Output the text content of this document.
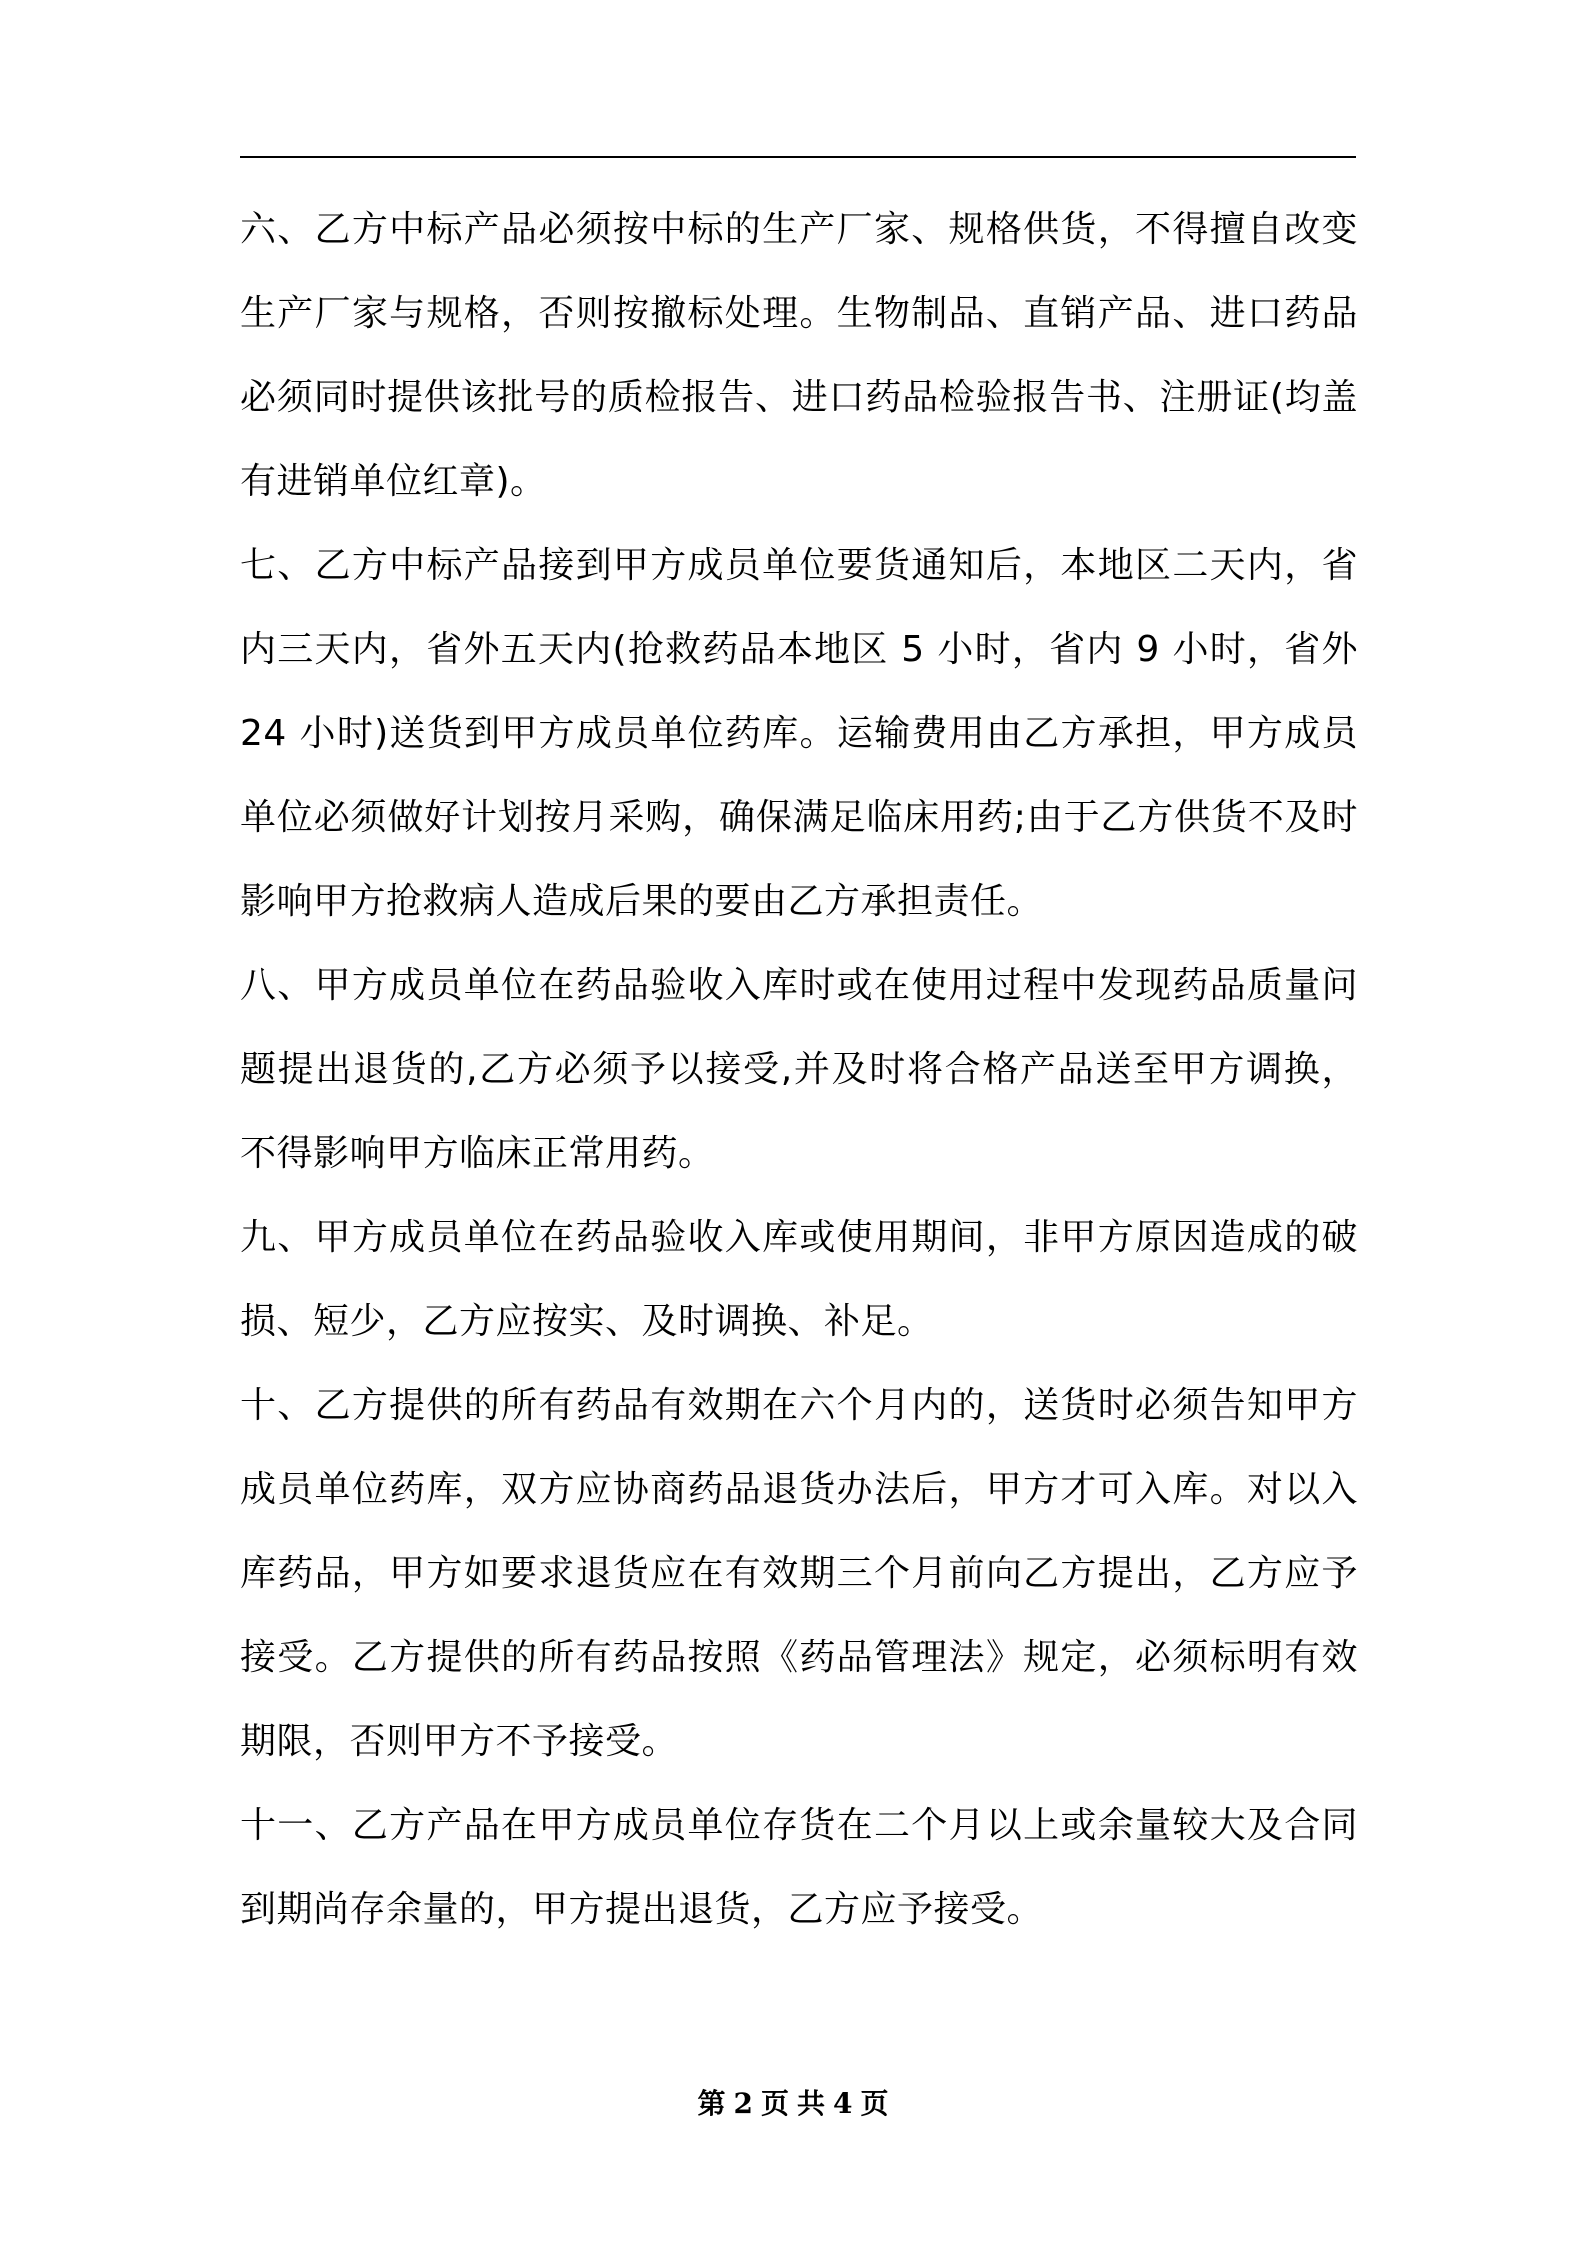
六、乙方中标产品必须按中标的生产厂家、规格供货，不得擅自改变生产厂家与规格，否则按撤标处理。生物制品、直销产品、进口药品必须同时提供该批号的质检报告、进口药品检验报告书、注册证(均盖有进销单位红章)。

七、乙方中标产品接到甲方成员单位要货通知后，本地区二天内，省内三天内，省外五天内(抢救药品本地区 5 小时，省内 9 小时，省外 24 小时)送货到甲方成员单位药库。运输费用由乙方承担，甲方成员单位必须做好计划按月采购，确保满足临床用药;由于乙方供货不及时影响甲方抢救病人造成后果的要由乙方承担责任。

八、甲方成员单位在药品验收入库时或在使用过程中发现药品质量问题提出退货的,乙方必须予以接受,并及时将合格产品送至甲方调换，不得影响甲方临床正常用药。

九、甲方成员单位在药品验收入库或使用期间，非甲方原因造成的破损、短少，乙方应按实、及时调换、补足。

十、乙方提供的所有药品有效期在六个月内的，送货时必须告知甲方成员单位药库，双方应协商药品退货办法后，甲方才可入库。对以入库药品，甲方如要求退货应在有效期三个月前向乙方提出，乙方应予接受。乙方提供的所有药品按照《药品管理法》规定，必须标明有效期限，否则甲方不予接受。

十一、乙方产品在甲方成员单位存货在二个月以上或余量较大及合同到期尚存余量的，甲方提出退货，乙方应予接受。

第 2 页 共 4 页
